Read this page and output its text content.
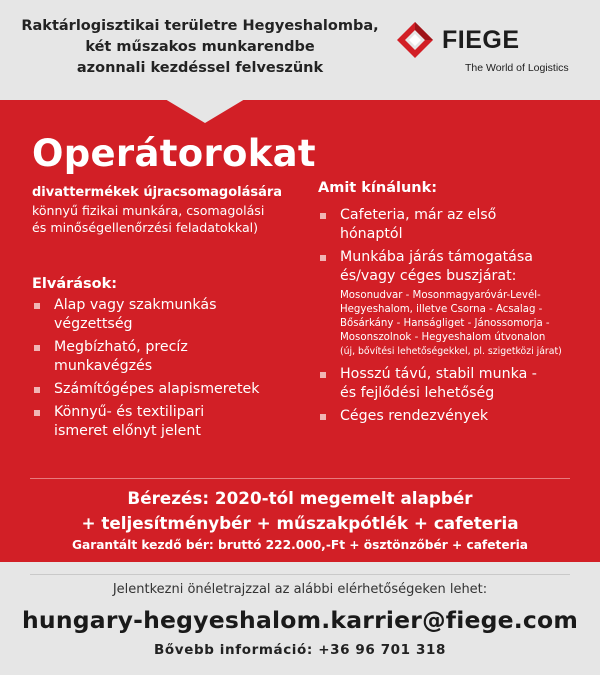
Raktárlogisztikai területre Hegyeshalomba,
két műszakos munkarendbe
azonnali kezdéssel felveszünk
FIEGE
The World of Logistics
Operátorokat
divattermékek újracsomagolására
könnyű fizikai munkára, csomagolási
és minőségellenőrzési feladatokkal)
Elvárások:
Alap vagy szakmunkás
végzettség
Megbízható, precíz
munkavégzés
Számítógépes alapismeretek
Könnyű- és textilipari
ismeret előnyt jelent
Amit kínálunk:
Cafeteria, már az első
hónaptól
Munkába járás támogatása
és/vagy céges buszjárat:
Mosonudvar - Mosonmagyaróvár-Levél-
Hegyeshalom, illetve Csorna - Acsalag -
Bősárkány - Hanságliget - Jánossomorja -
Mosonszolnok - Hegyeshalom útvonalon
(új, bővítési lehetőségekkel, pl. szigetközi járat)
Hosszú távú, stabil munka -
és fejlődési lehetőség
Céges rendezvények
Bérezés: 2020-tól megemelt alapbér
+ teljesítménybér + műszakpótlék + cafeteria
Garantált kezdő bér: bruttó 222.000,-Ft + ösztönzőbér + cafeteria
Jelentkezni önéletrajzzal az alábbi elérhetőségeken lehet:
hungary-hegyeshalom.karrier@fiege.com
Bővebb információ: +36 96 701 318
